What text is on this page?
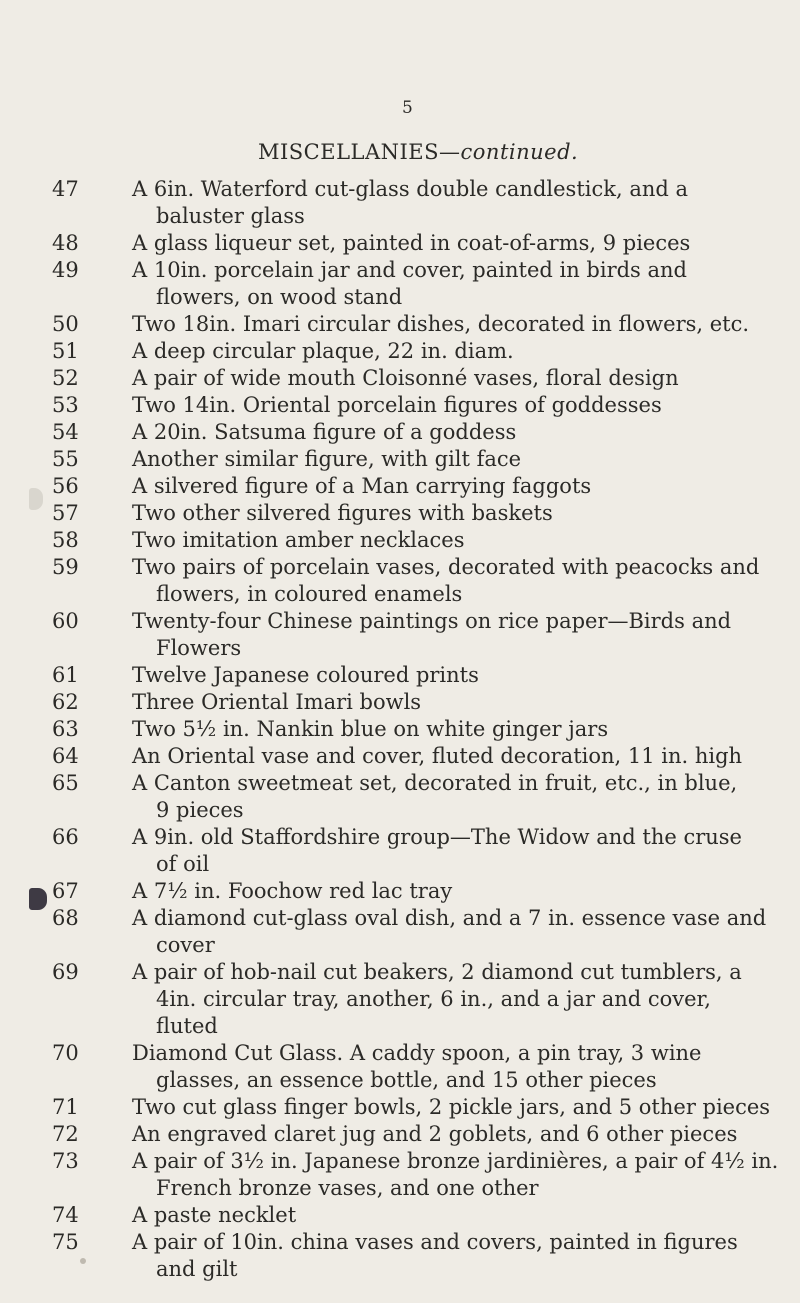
5
MISCELLANIES—continued.
47	A 6in. Waterford cut-glass double candlestick, and a

baluster glass
48	A glass liqueur set, painted in coat-of-arms, 9 pieces
49	A 10in. porcelain jar and cover, painted in birds and

flowers, on wood stand
50	Two 18in. Imari circular dishes, decorated in flowers, etc.
51	A deep circular plaque, 22 in. diam.
52	A pair of wide mouth Cloisonné vases, floral design
53	Two 14in. Oriental porcelain figures of goddesses
54	A 20in. Satsuma figure of a goddess
55	Another similar figure, with gilt face
56	A silvered figure of a Man carrying faggots
57	Two other silvered figures with baskets
58	Two imitation amber necklaces
59	Two pairs of porcelain vases, decorated with peacocks and

flowers, in coloured enamels
60	Twenty-four Chinese paintings on rice paper—Birds and

Flowers
61	Twelve Japanese coloured prints
62	Three Oriental Imari bowls
63	Two 5½ in. Nankin blue on white ginger jars
64	An Oriental vase and cover, fluted decoration, 11 in. high
65	A Canton sweetmeat set, decorated in fruit, etc., in blue,

9 pieces
66	A 9in. old Staffordshire group—The Widow and the cruse

of oil
67	A 7½ in. Foochow red lac tray
68	A diamond cut-glass oval dish, and a 7 in. essence vase and

cover
69	A pair of hob-nail cut beakers, 2 diamond cut tumblers, a

4in. circular tray, another, 6 in., and a jar and cover,
fluted
70	Diamond Cut Glass. A caddy spoon, a pin tray, 3 wine

glasses, an essence bottle, and 15 other pieces
71	Two cut glass finger bowls, 2 pickle jars, and 5 other pieces
72	An engraved claret jug and 2 goblets, and 6 other pieces
73	A pair of 3½ in. Japanese bronze jardinières, a pair of 4½ in.

French bronze vases, and one other
74	A paste necklet
75	A pair of 10in. china vases and covers, painted in figures

and gilt
